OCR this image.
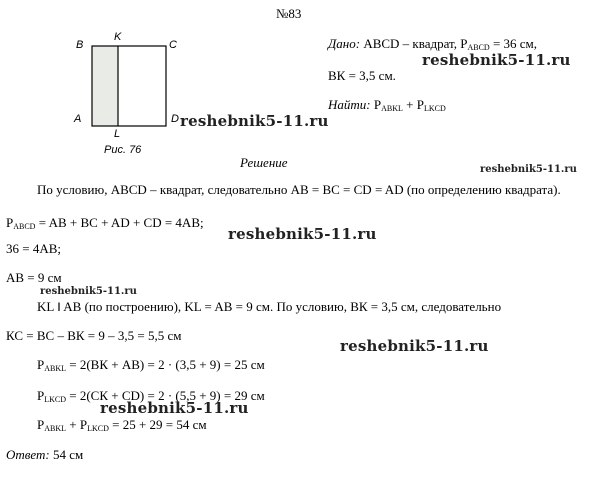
№83
B
K
C
A
L
D
Рис. 76
Дано: ABCD – квадрат, $P_{ABCD} = 36$ см,
ВК = 3,5 см.
Найти: $P_{ABKL} + P_{LKCD}$
Решение
По условию, ABCD – квадрат, следовательно AB = BC = CD = AD (по определению квадрата).
$P_{ABCD}$ = AB + BC + AD + CD = 4AB;
36 = 4AB;
AB = 9 см
KL ‖ AB (по построению), KL = AB = 9 см. По условию, ВК = 3,5 см, следовательно
КС = ВС – ВК = 9 – 3,5 = 5,5 см
$P_{ABKL} = 2(ВК + AB) = 2 \cdot (3,5 + 9) = 25$ см
$P_{LKCD} = 2(СК + CD) = 2 \cdot (5,5 + 9) = 29$ см
$P_{ABKL} + P_{LKCD} = 25 + 29 = 54$ см
Ответ: 54 см
reshebnik5-11.ru
reshebnik5-11.ru
reshebnik5-11.ru
reshebnik5-11.ru
reshebnik5-11.ru
reshebnik5-11.ru
reshebnik5-11.ru
